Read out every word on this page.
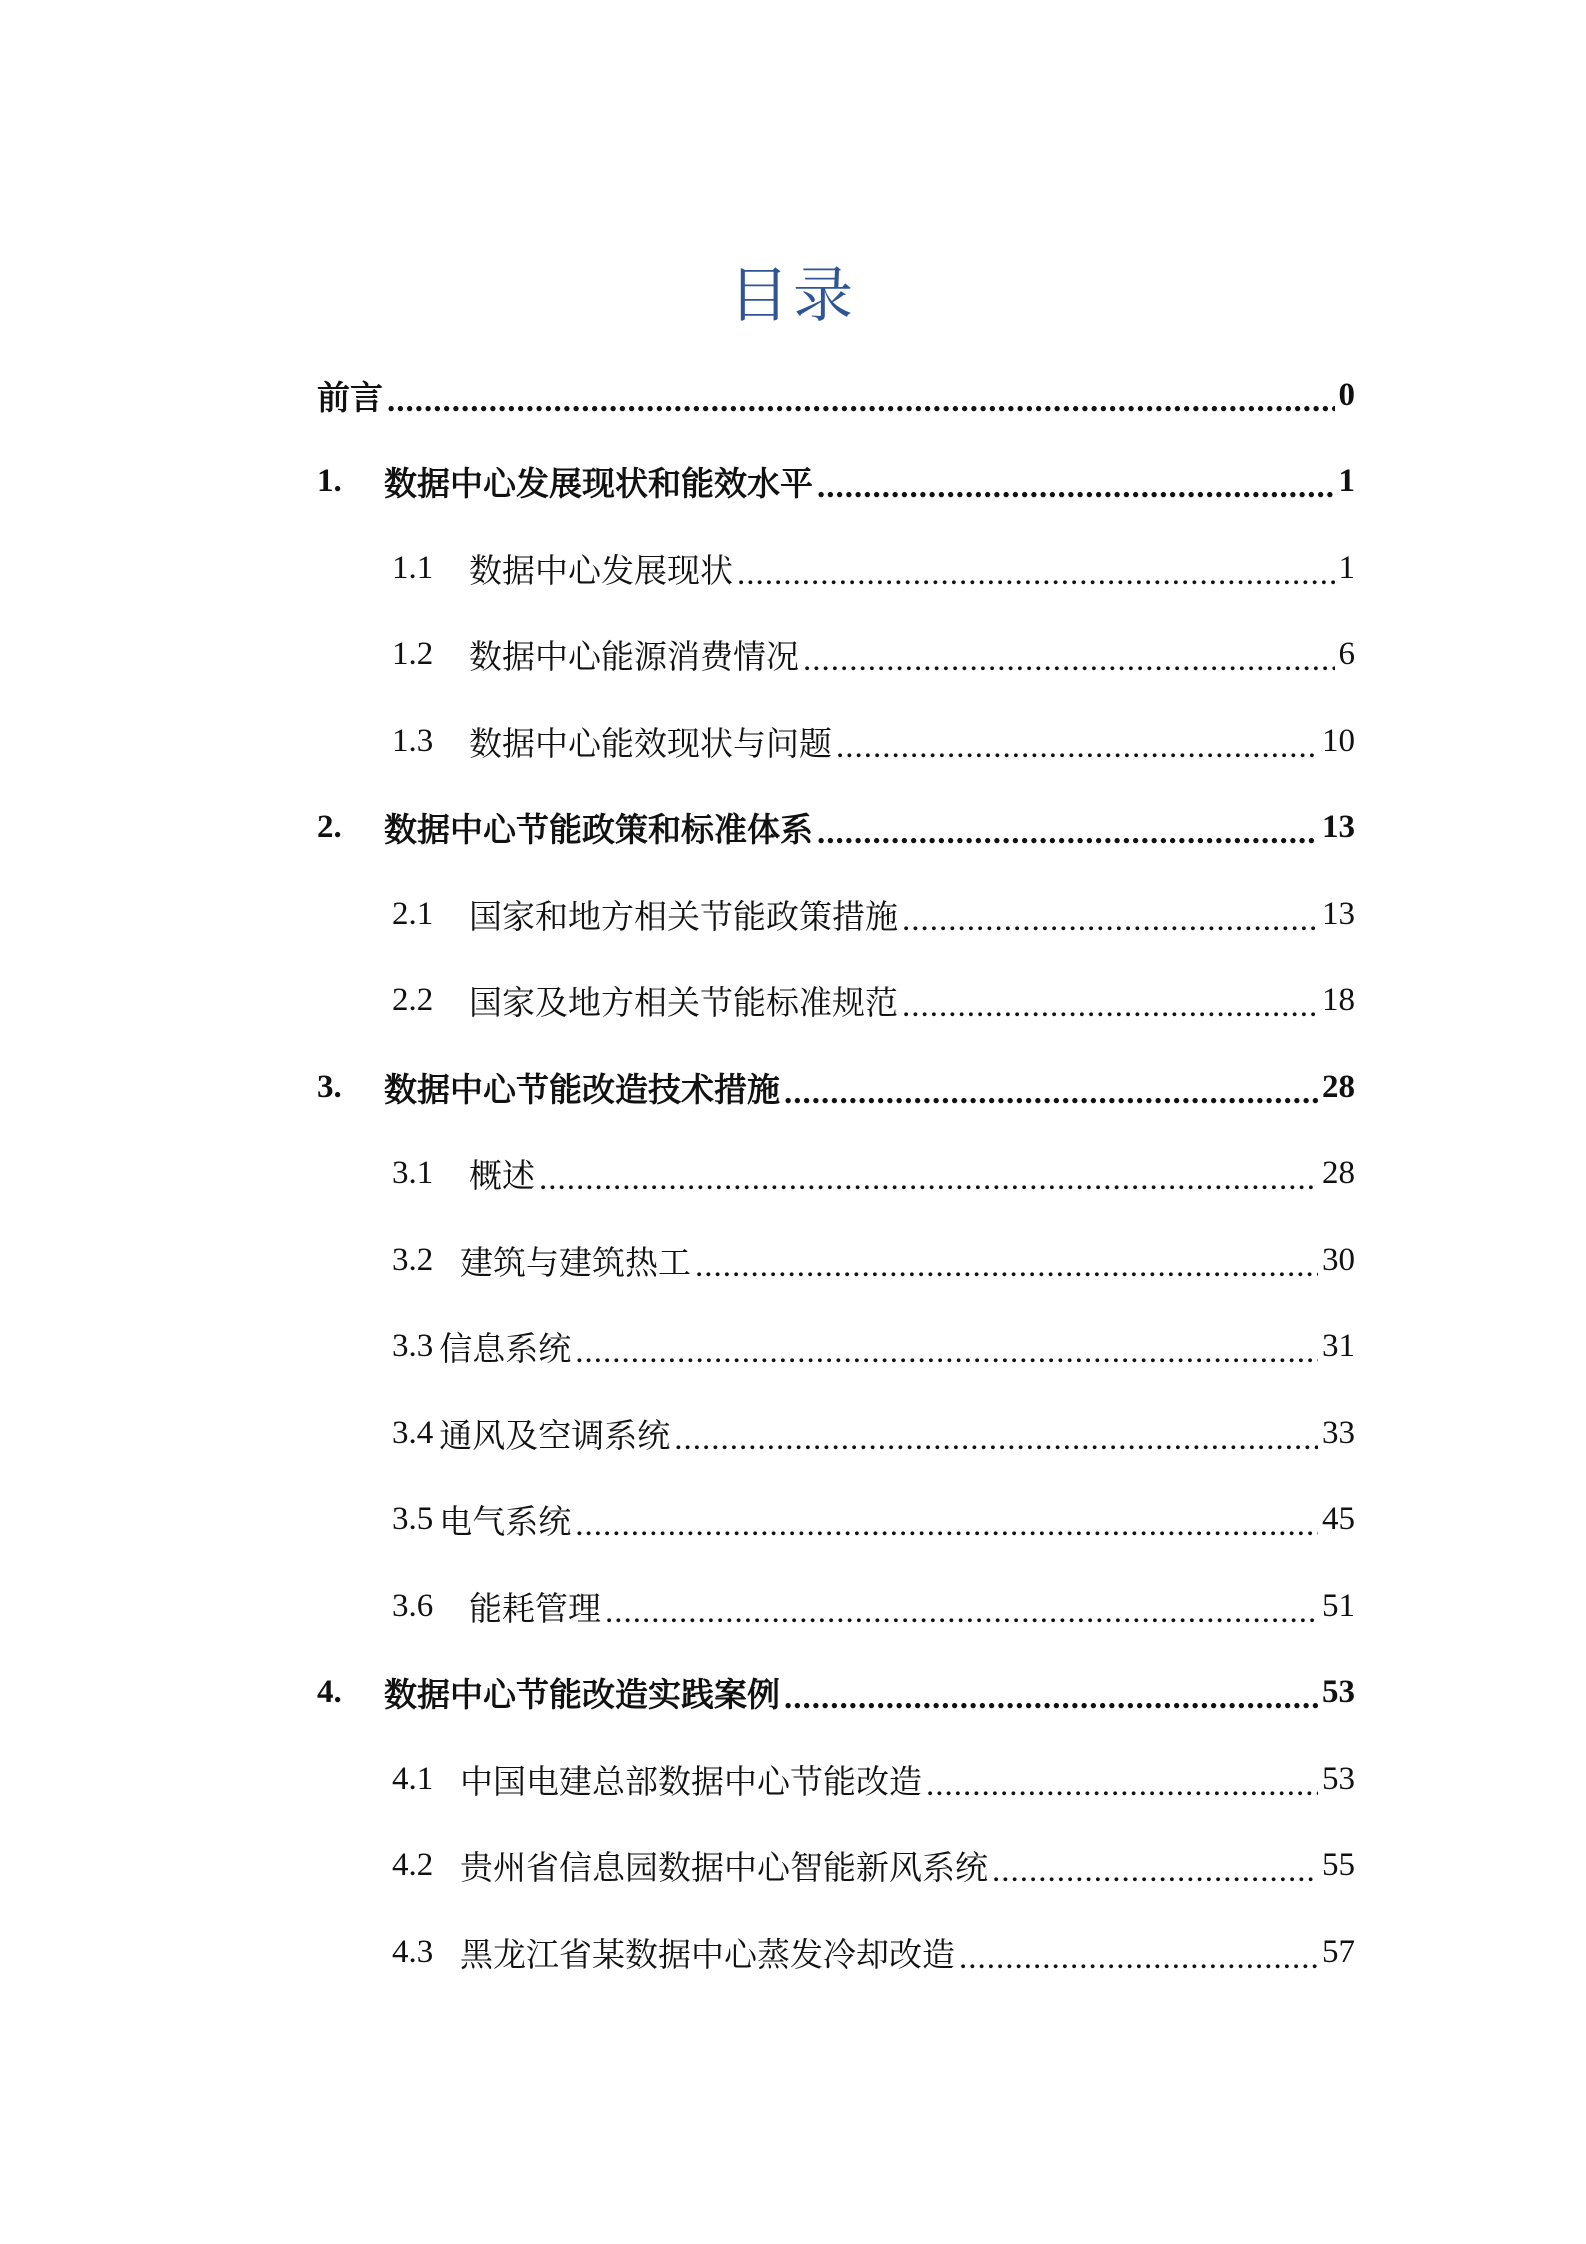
目录
前言 .....	0
1.	数据中心发展现状和能效水平 .....	1
1.1	数据中心发展现状 .....	1
1.2	数据中心能源消费情况 .....	6
1.3	数据中心能效现状与问题 .....	10
2.	数据中心节能政策和标准体系 .....	13
2.1	国家和地方相关节能政策措施 .....	13
2.2	国家及地方相关节能标准规范 .....	18
3.	数据中心节能改造技术措施 .....	28
3.1	概述 .....	28
3.2 建筑与建筑热工 .....	30
3.3 信息系统 .....	31
3.4 通风及空调系统 .....	33
3.5 电气系统 .....	45
3.6	能耗管理 .....	51
4.	数据中心节能改造实践案例 .....	53
4.1 中国电建总部数据中心节能改造 .....	53
4.2 贵州省信息园数据中心智能新风系统 .....	55
4.3 黑龙江省某数据中心蒸发冷却改造 .....	57
